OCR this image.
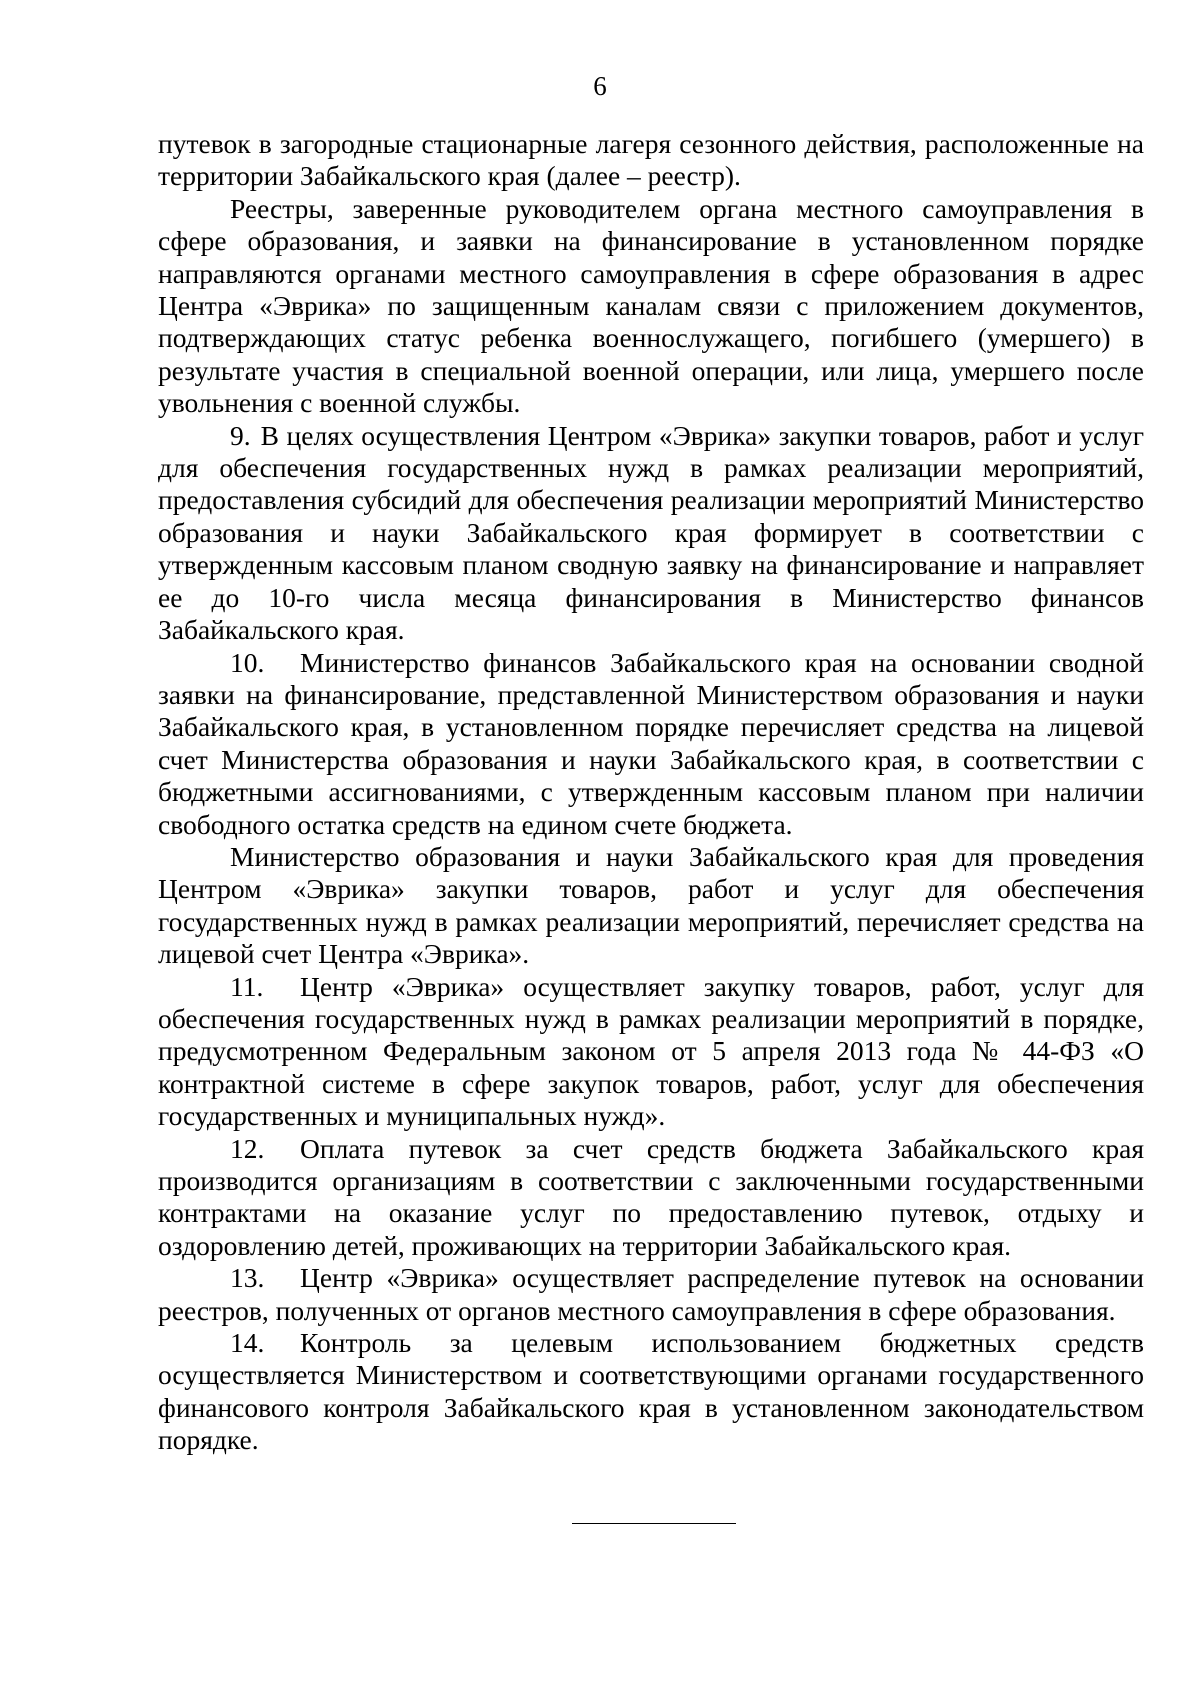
6

путевок в загородные стационарные лагеря сезонного действия, расположенные на территории Забайкальского края (далее – реестр).

Реестры, заверенные руководителем органа местного самоуправления в сфере образования, и заявки на финансирование в установленном порядке направляются органами местного самоуправления в сфере образования в адрес Центра «Эврика» по защищенным каналам связи с приложением документов, подтверждающих статус ребенка военнослужащего, погибшего (умершего) в результате участия в специальной военной операции, или лица, умершего после увольнения с военной службы.

9. В целях осуществления Центром «Эврика» закупки товаров, работ и услуг для обеспечения государственных нужд в рамках реализации мероприятий, предоставления субсидий для обеспечения реализации мероприятий Министерство образования и науки Забайкальского края формирует в соответствии с утвержденным кассовым планом сводную заявку на финансирование и направляет ее до 10-го числа месяца финансирования в Министерство финансов Забайкальского края.

10. Министерство финансов Забайкальского края на основании сводной заявки на финансирование, представленной Министерством образования и науки Забайкальского края, в установленном порядке перечисляет средства на лицевой счет Министерства образования и науки Забайкальского края, в соответствии с бюджетными ассигнованиями, с утвержденным кассовым планом при наличии свободного остатка средств на едином счете бюджета.

Министерство образования и науки Забайкальского края для проведения Центром «Эврика» закупки товаров, работ и услуг для обеспечения государственных нужд в рамках реализации мероприятий, перечисляет средства на лицевой счет Центра «Эврика».

11. Центр «Эврика» осуществляет закупку товаров, работ, услуг для обеспечения государственных нужд в рамках реализации мероприятий в порядке, предусмотренном Федеральным законом от 5 апреля 2013 года № 44-ФЗ «О контрактной системе в сфере закупок товаров, работ, услуг для обеспечения государственных и муниципальных нужд».

12. Оплата путевок за счет средств бюджета Забайкальского края производится организациям в соответствии с заключенными государственными контрактами на оказание услуг по предоставлению путевок, отдыху и оздоровлению детей, проживающих на территории Забайкальского края.

13. Центр «Эврика» осуществляет распределение путевок на основании реестров, полученных от органов местного самоуправления в сфере образования.

14. Контроль за целевым использованием бюджетных средств осуществляется Министерством и соответствующими органами государственного финансового контроля Забайкальского края в установленном законодательством порядке.
